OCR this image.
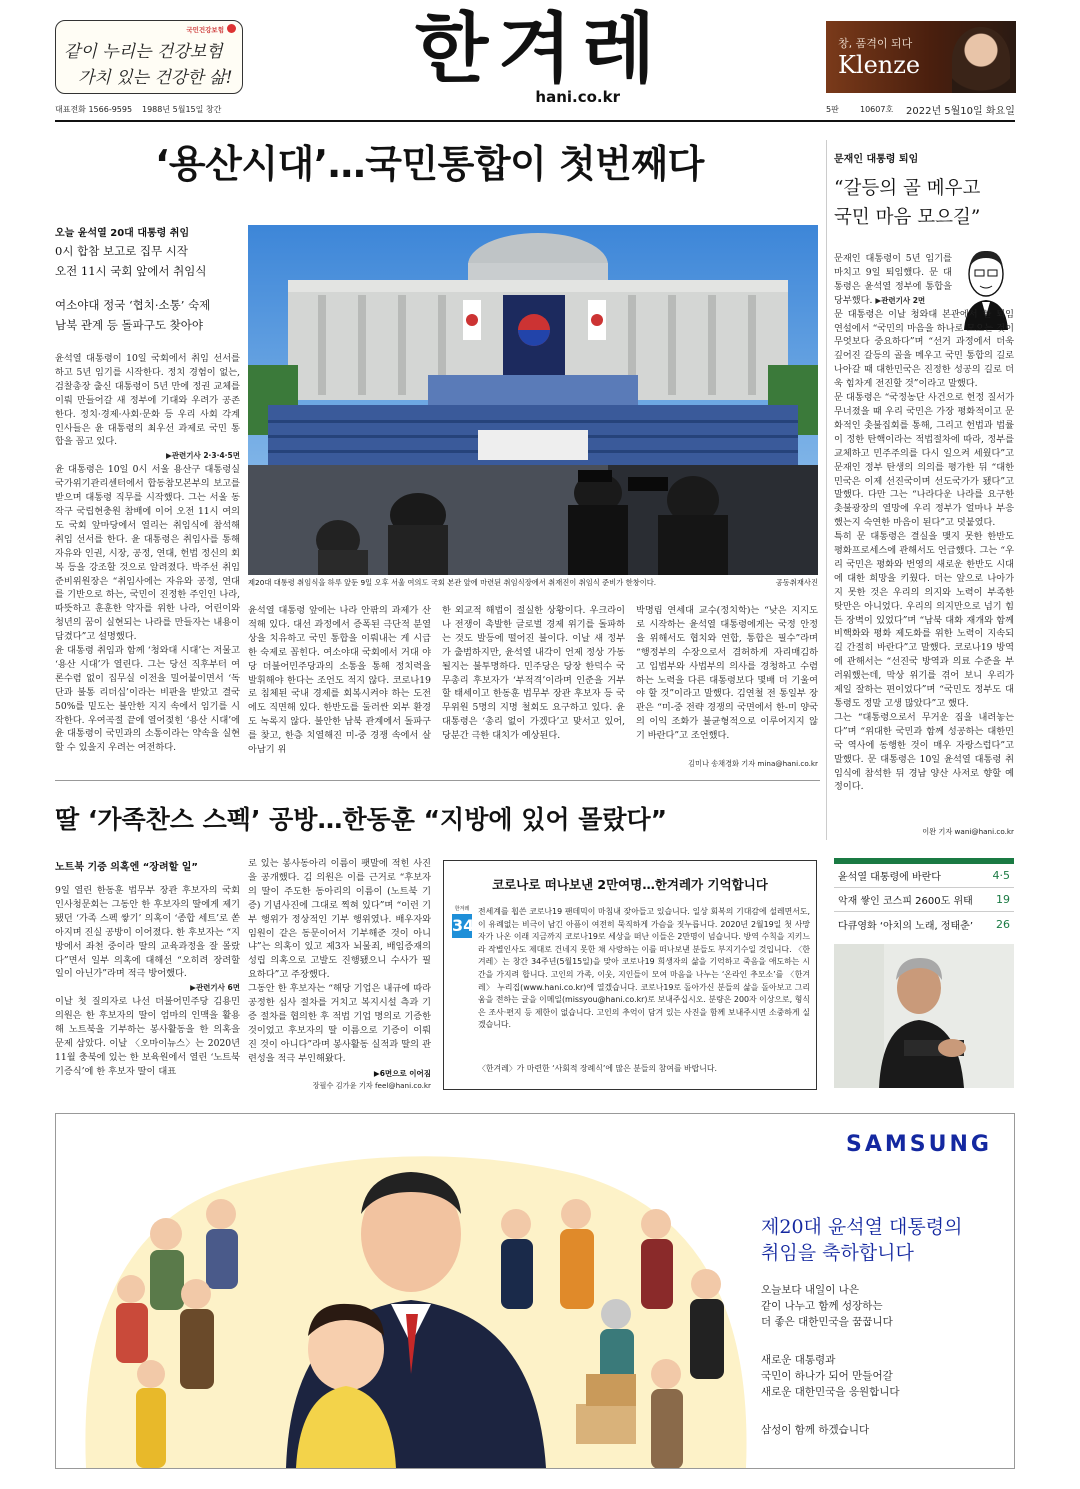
국민건강보험
같이 누리는 건강보험
가치 있는 건강한 삶!	한겨레
hani.co.kr
창, 품격이 되다
Klenze
대표전화 1566-9595 1988년 5월15일 창간	5판	10607호 2022년 5월10일 화요일
‘용산시대’…국민통합이 첫번째다
오늘 윤석열 20대 대통령 취임
0시 합참 보고로 집무 시작
오전 11시 국회 앞에서 취임식
여소야대 정국 ‘협치·소통’ 숙제
남북 관계 등 돌파구도 찾아야
제20대 대통령 취임식을 하루 앞둔 9일 오후 서울 여의도 국회 본관 앞에 마련된 취임식장에서 취재진이 취임식 준비가 한창이다.	공동취재사진

윤석열 대통령이 10일 국회에서 취임 선서를 하고 5년 임기를 시작한다. 정치 경험이 없는, 검찰총장 출신 대통령이 5년 만에 정권 교체를 이뤄 만들어갈 새 정부에 기대와 우려가 공존한다. 정치·경제·사회·문화 등 우리 사회 각계 인사들은 윤 대통령의 최우선 과제로 국민 통합을 꼽고 있다.

▶관련기사 2·3·4·5면

윤 대통령은 10일 0시 서울 용산구 대통령실 국가위기관리센터에서 합동참모본부의 보고를 받으며 대통령 직무를 시작했다. 그는 서울 동작구 국립현충원 참배에 이어 오전 11시 여의도 국회 앞마당에서 열리는 취임식에 참석해 취임 선서를 한다. 윤 대통령은 취임사를 통해 자유와 인권, 시장, 공정, 연대, 헌법 정신의 회복 등을 강조할 것으로 알려졌다. 박주선 취임준비위원장은 “취임사에는 자유와 공정, 연대를 기반으로 하는, 국민이 진정한 주인인 나라, 따뜻하고 훈훈한 약자를 위한 나라, 어린이와 청년의 꿈이 실현되는 나라를 만들자는 내용이 담겼다”고 설명했다.

윤 대통령 취임과 함께 ‘청와대 시대’는 저물고 ‘용산 시대’가 열린다. 그는 당선 직후부터 여론수렴 없이 집무실 이전을 밀어붙이면서 ‘독단과 불통 리더십’이라는 비판을 받았고 결국 50%를 밑도는 불안한 지지 속에서 임기를 시작한다. 우여곡절 끝에 열어젖힌 ‘용산 시대’에 윤 대통령이 국민과의 소통이라는 약속을 실현할 수 있을지 우려는 여전하다.

윤석열 대통령 앞에는 나라 안팎의 과제가 산적해 있다. 대선 과정에서 증폭된 극단적 분열상을 치유하고 국민 통합을 이뤄내는 게 시급한 숙제로 꼽힌다. 여소야대 국회에서 거대 야당 더불어민주당과의 소통을 통해 정치력을 발휘해야 한다는 조언도 적지 않다. 코로나19로 침체된 국내 경제를 회복시켜야 하는 도전에도 직면해 있다. 한반도를 둘러싼 외부 환경도 녹록지 않다. 불안한 남북 관계에서 돌파구를 찾고, 한층 치열해진 미-중 경쟁 속에서 살아남기 위

한 외교적 해법이 절실한 상황이다. 우크라이나 전쟁이 촉발한 글로벌 경제 위기를 돌파하는 것도 발등에 떨어진 불이다. 이날 새 정부가 출범하지만, 윤석열 내각이 언제 정상 가동될지는 불투명하다. 민주당은 당장 한덕수 국무총리 후보자가 ‘부적격’이라며 인준을 거부할 태세이고 한동훈 법무부 장관 후보자 등 국무위원 5명의 지명 철회도 요구하고 있다. 윤 대통령은 ‘총리 없이 가겠다’고 맞서고 있어, 당분간 극한 대치가 예상된다.

박명림 연세대 교수(정치학)는 “낮은 지지도로 시작하는 윤석열 대통령에게는 국정 안정을 위해서도 협치와 연합, 통합은 필수”라며 “행정부의 수장으로서 겸허하게 자리매김하고 입법부와 사법부의 의사를 경청하고 수렴하는 노력을 다른 대통령보다 몇배 더 기울여야 할 것”이라고 말했다. 김연철 전 통일부 장관은 “미-중 전략 경쟁의 국면에서 한-미 양국의 이익 조화가 불균형적으로 이루어지지 않기 바란다”고 조언했다.

김미나 송채경화 기자 mina@hani.co.kr
문재인 대통령 퇴임
“갈등의 골 메우고
국민 마음 모으길”

문재인 대통령이 5년 임기를 마치고 9일 퇴임했다. 문 대통령은 윤석열 정부에 통합을 당부했다. ▶관련기사 2면

문 대통령은 이날 청와대 본관에서 한 퇴임 연설에서 “국민의 마음을 하나로 모으는 것이 무엇보다 중요하다”며 “선거 과정에서 더욱 깊어진 갈등의 골을 메우고 국민 통합의 길로 나아갈 때 대한민국은 진정한 성공의 길로 더욱 힘차게 전진할 것”이라고 말했다.

문 대통령은 “국정농단 사건으로 헌정 질서가 무너졌을 때 우리 국민은 가장 평화적이고 문화적인 촛불집회를 통해, 그리고 헌법과 법률이 정한 탄핵이라는 적법절차에 따라, 정부를 교체하고 민주주의를 다시 일으켜 세웠다”고 문재인 정부 탄생의 의의를 평가한 뒤 “대한민국은 이제 선진국이며 선도국가가 됐다”고 말했다. 다만 그는 “나라다운 나라를 요구한 촛불광장의 열망에 우리 정부가 얼마나 부응했는지 숙연한 마음이 된다”고 덧붙였다.

특히 문 대통령은 결실을 맺지 못한 한반도 평화프로세스에 관해서도 언급했다. 그는 “우리 국민은 평화와 번영의 새로운 한반도 시대에 대한 희망을 키웠다. 더는 앞으로 나아가지 못한 것은 우리의 의지와 노력이 부족한 탓만은 아니었다. 우리의 의지만으로 넘기 힘든 장벽이 있었다”며 “남북 대화 재개와 함께 비핵화와 평화 제도화를 위한 노력이 지속되길 간절히 바란다”고 말했다. 코로나19 방역에 관해서는 “선진국 방역과 의료 수준을 부러워했는데, 막상 위기를 겪어 보니 우리가 제일 잘하는 편이었다”며 “국민도 정부도 대통령도 정말 고생 많았다”고 했다.

그는 “대통령으로서 무거운 짐을 내려놓는다”며 “위대한 국민과 함께 성공하는 대한민국 역사에 동행한 것이 매우 자랑스럽다”고 말했다. 문 대통령은 10일 윤석열 대통령 취임식에 참석한 뒤 경남 양산 사저로 향할 예정이다.

이완 기자 wani@hani.co.kr
딸 ‘가족찬스 스펙’ 공방…한동훈 “지방에 있어 몰랐다”
노트북 기증 의혹엔 “장려할 일”

9일 열린 한동훈 법무부 장관 후보자의 국회 인사청문회는 그동안 한 후보자의 딸에게 제기됐던 ‘가족 스펙 쌓기’ 의혹이 ‘종합 세트’로 쏟아지며 진실 공방이 이어졌다. 한 후보자는 “지방에서 좌천 중이라 딸의 교육과정을 잘 몰랐다”면서 일부 의혹에 대해선 “오히려 장려할 일이 아닌가”라며 적극 방어했다.

▶관련기사 6면

이날 첫 질의자로 나선 더불어민주당 김용민 의원은 한 후보자의 딸이 엄마의 인맥을 활용해 노트북을 기부하는 봉사활동을 한 의혹을 문제 삼았다. 이날 〈오마이뉴스〉는 2020년 11월 충북에 있는 한 보육원에서 열린 ‘노트북 기증식’에 한 후보자 딸이 대표

로 있는 봉사동아리 이름이 팻말에 적힌 사진을 공개했다. 김 의원은 이를 근거로 “후보자의 딸이 주도한 동아리의 이름이 (노트북 기증) 기념사진에 그대로 찍혀 있다”며 “이런 기부 행위가 정상적인 기부 행위였나. 배우자와 임원이 같은 동문이어서 기부해준 것이 아니냐”는 의혹이 있고 제3자 뇌물죄, 배임증재의 성립 의혹으로 고발도 진행됐으니 수사가 필요하다”고 주장했다.

그동안 한 후보자는 “해당 기업은 내규에 따라 공정한 심사 절차를 거치고 복지시설 측과 기증 절차를 협의한 후 적법 기업 명의로 기증한 것이었고 후보자의 딸 이름으로 기증이 이뤄진 것이 아니다”라며 봉사활동 실적과 딸의 관련성을 적극 부인해왔다.

▶6면으로 이어짐
장필수 김가윤 기자 feel@hani.co.kr
코로나로 떠나보낸 2만여명…한겨레가 기억합니다
한겨레
34
전세계를 휩쓴 코로나19 팬데믹이 마침내 잦아들고 있습니다. 일상 회복의 기대감에 설레면서도, 이 유례없는 비극이 남긴 아픔이 여전히 묵직하게 가슴을 짓누릅니다. 2020년 2월19일 첫 사망자가 나온 이래 지금까지 코로나19로 세상을 떠난 이들은 2만명이 넘습니다. 방역 수칙을 지키느라 작별인사도 제대로 건네지 못한 채 사랑하는 이를 떠나보낸 분들도 부지기수일 것입니다. 〈한겨레〉는 창간 34주년(5월15일)을 맞아 코로나19 희생자의 삶을 기억하고 죽음을 애도하는 시간을 가지려 합니다. 고인의 가족, 이웃, 지인들이 모여 마음을 나누는 ‘온라인 추모소’를 〈한겨레〉 누리집(www.hani.co.kr)에 열겠습니다. 코로나19로 돌아가신 분들의 삶을 돌아보고 그리움을 전하는 글을 이메일(missyou@hani.co.kr)로 보내주십시오. 분량은 200자 이상으로, 형식은 조사·편지 등 제한이 없습니다. 고인의 추억이 담겨 있는 사진을 함께 보내주시면 소중하게 실겠습니다.
〈한겨레〉가 마련한 ‘사회적 장례식’에 많은 분들의 참여를 바랍니다.
윤석열 대통령에 바란다	4·5
악재 쌓인 코스피 2600도 위태 19
다큐영화 ‘아치의 노래, 정태춘’ 26
SAMSUNG
제20대 윤석열 대통령의
취임을 축하합니다
오늘보다 내일이 나은
같이 나누고 함께 성장하는
더 좋은 대한민국을 꿈꿉니다
새로운 대통령과
국민이 하나가 되어 만들어갈
새로운 대한민국을 응원합니다
삼성이 함께 하겠습니다
